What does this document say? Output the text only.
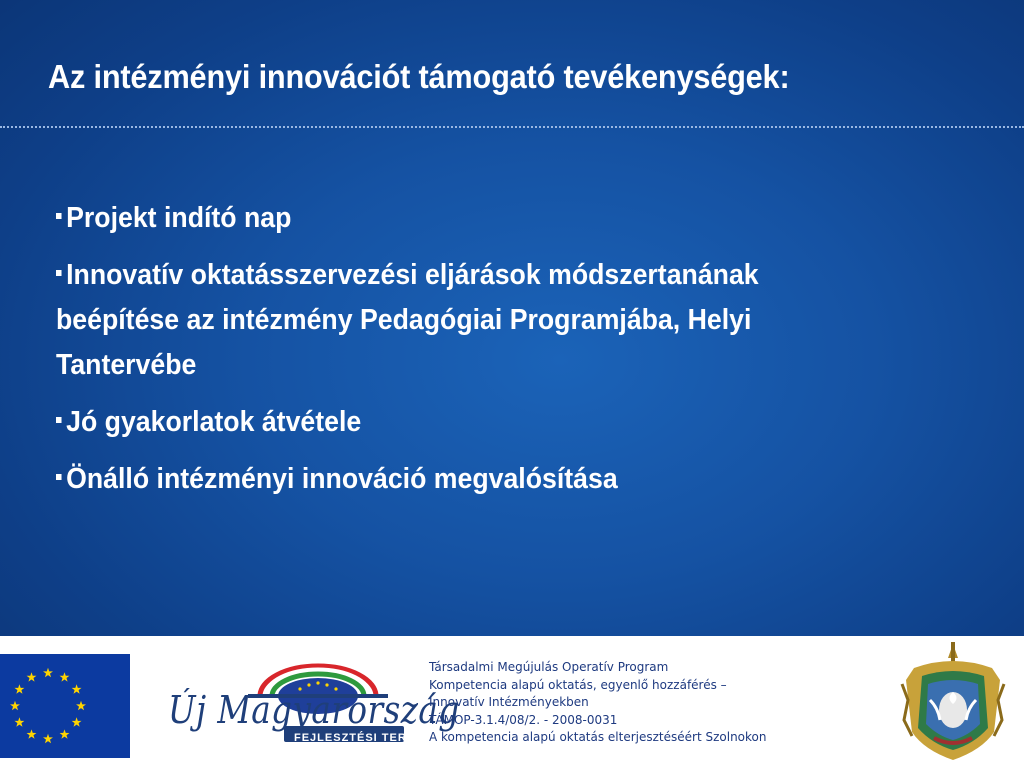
Az intézményi innovációt támogató tevékenységek:
Projekt indító nap
Innovatív oktatásszervezési eljárások módszertanának
beépítése az intézmény Pedagógiai Programjába, Helyi
Tantervébe
Jó gyakorlatok átvétele
Önálló intézményi innováció megvalósítása
Új Magyarország
FEJLESZTÉSI TERV
Társadalmi Megújulás Operatív Program
Kompetencia alapú oktatás, egyenlő hozzáférés –
Innovatív Intézményekben
TÁMOP-3.1.4/08/2. - 2008-0031
A kompetencia alapú oktatás elterjesztéséért Szolnokon
